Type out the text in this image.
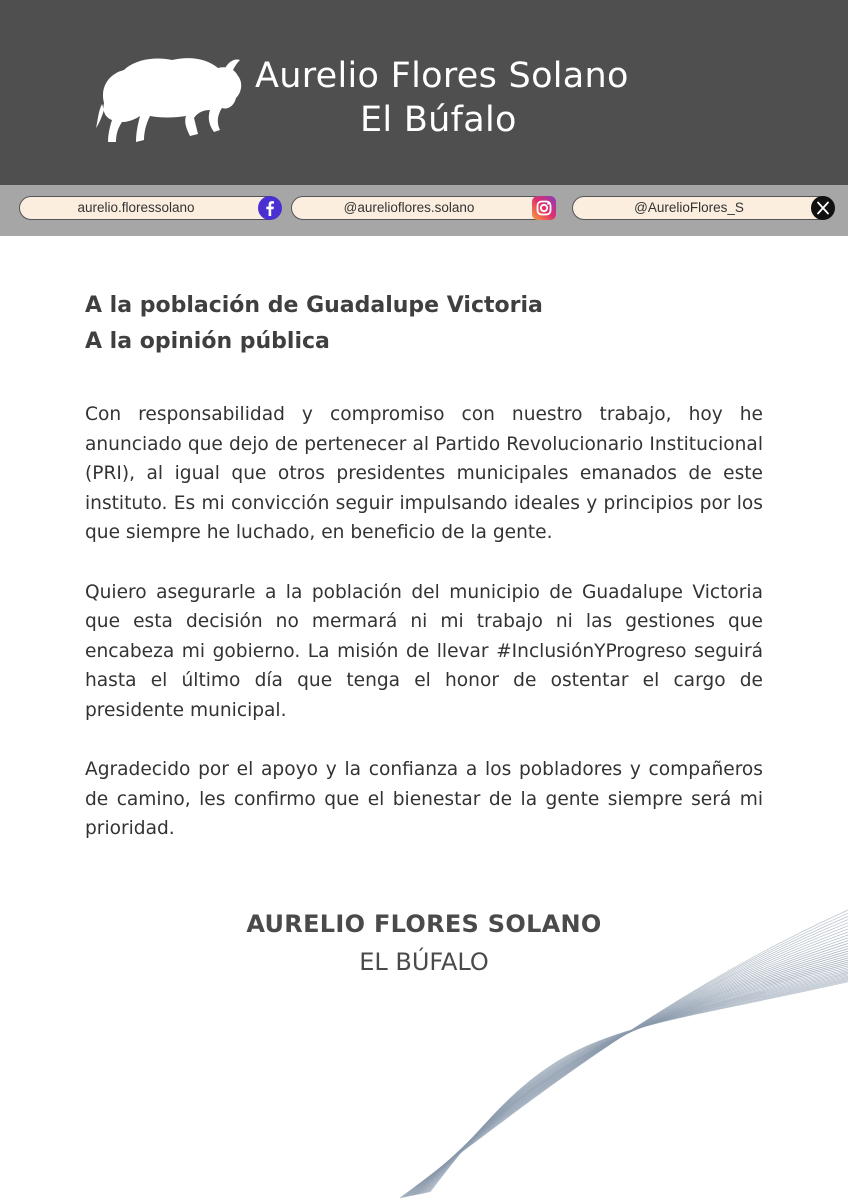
Aurelio Flores Solano
El Búfalo
aurelio.floressolano	@aurelioflores.solano	@AurelioFlores_S

A la población de Guadalupe Victoria

A la opinión pública

Con responsabilidad y compromiso con nuestro trabajo, hoy he anunciado que dejo de pertenecer al Partido Revolucionario Institucional (PRI), al igual que otros presidentes municipales emanados de este instituto. Es mi convicción seguir impulsando ideales y principios por los que siempre he luchado, en beneficio de la gente.

Quiero asegurarle a la población del municipio de Guadalupe Victoria que esta decisión no mermará ni mi trabajo ni las gestiones que encabeza mi gobierno. La misión de llevar #InclusiónYProgreso seguirá hasta el último día que tenga el honor de ostentar el cargo de presidente municipal.

Agradecido por el apoyo y la confianza a los pobladores y compañeros de camino, les confirmo que el bienestar de la gente siempre será mi prioridad.

AURELIO FLORES SOLANO
EL BÚFALO
